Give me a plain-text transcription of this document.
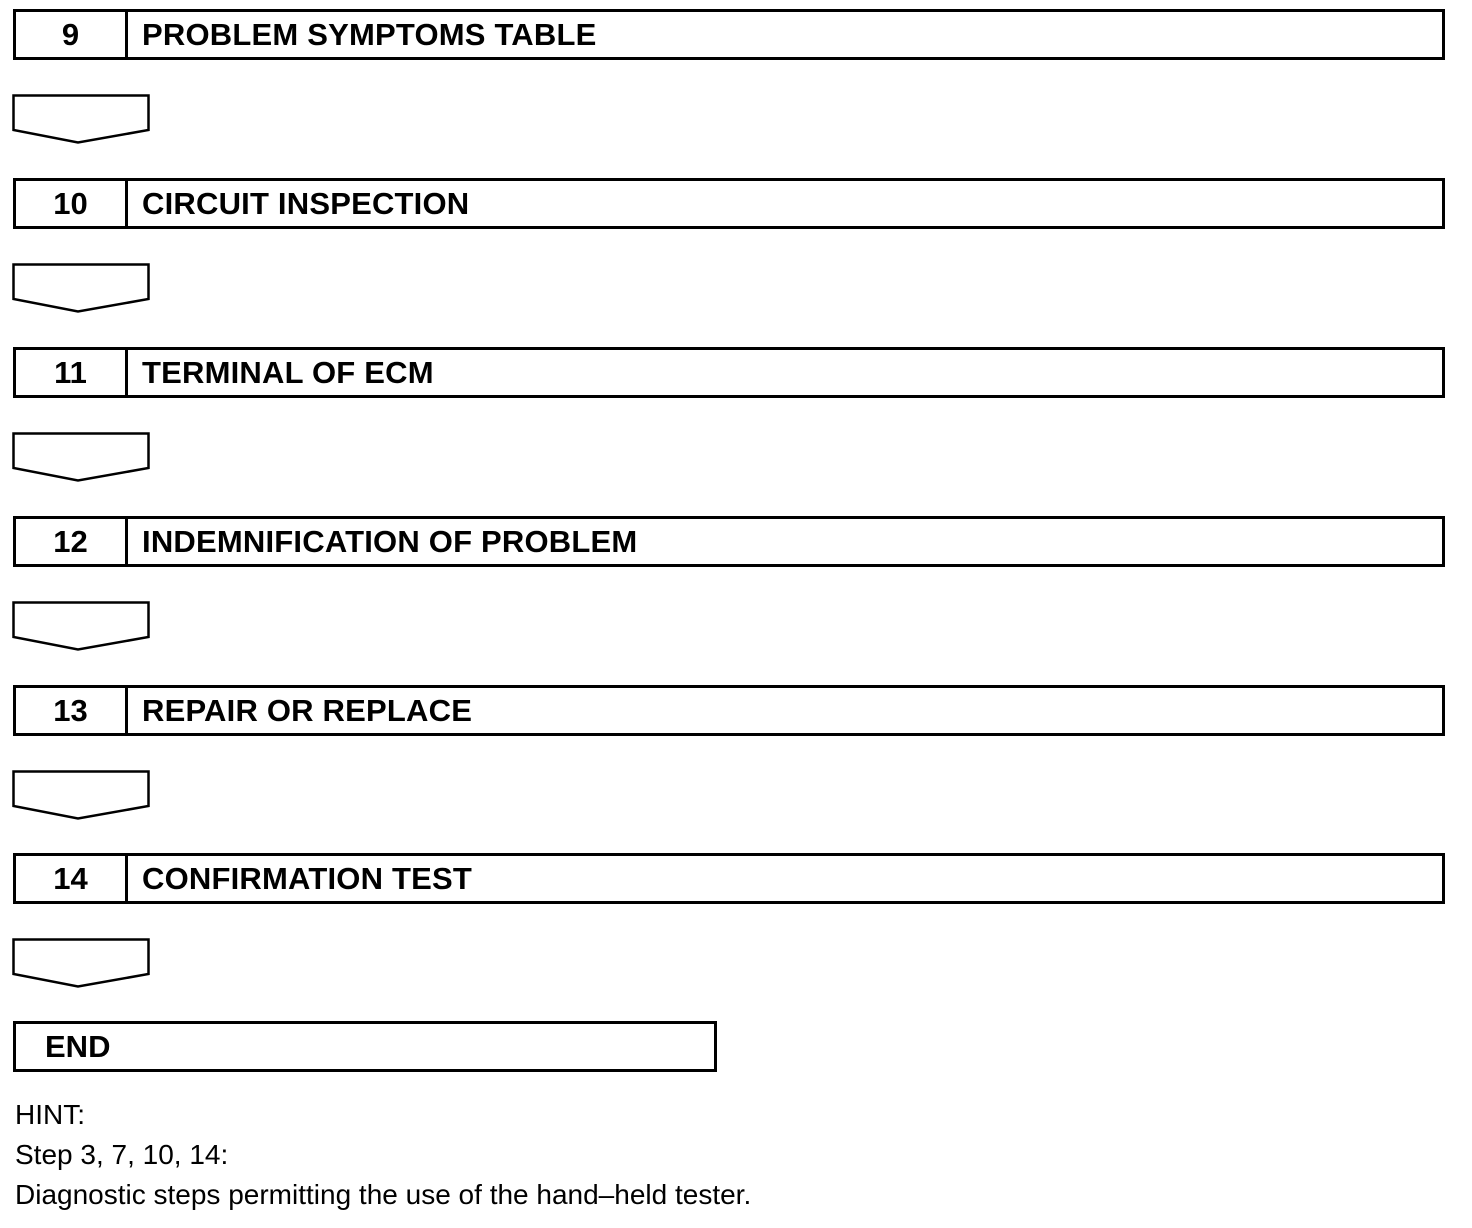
9	PROBLEM SYMPTOMS TABLE
10	CIRCUIT INSPECTION
11	TERMINAL OF ECM
12	INDEMNIFICATION OF PROBLEM
13	REPAIR OR REPLACE
14	CONFIRMATION TEST
END
HINT:
Step 3, 7, 10, 14:
Diagnostic steps permitting the use of the hand–held tester.
